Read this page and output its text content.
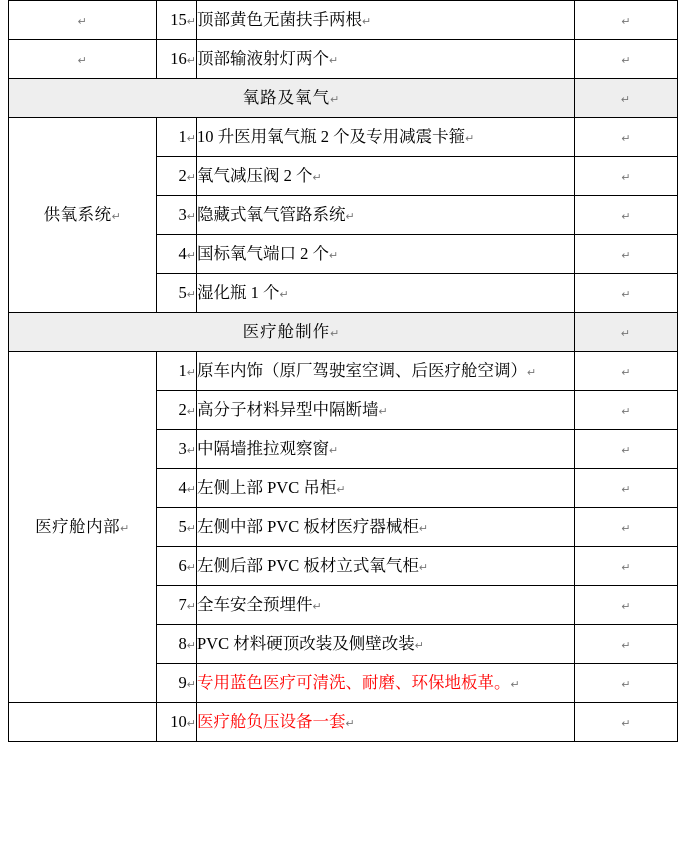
↵	15↵	顶部黄色无菌扶手两根↵	↵
↵	16↵	顶部输液射灯两个↵	↵
氧路及氧气↵			↵
供氧系统↵	1↵	10 升医用氧气瓶 2 个及专用减震卡箍↵	↵
	2↵	氧气减压阀 2 个↵	↵
	3↵	隐藏式氧气管路系统↵	↵
	4↵	国标氧气端口 2 个↵	↵
	5↵	湿化瓶 1 个↵	↵
医疗舱制作↵			↵
医疗舱内部↵	1↵	原车内饰（原厂驾驶室空调、后医疗舱空调）↵	↵
	2↵	高分子材料异型中隔断墙↵	↵
	3↵	中隔墙推拉观察窗↵	↵
	4↵	左侧上部 PVC 吊柜↵	↵
	5↵	左侧中部 PVC 板材医疗器械柜↵	↵
	6↵	左侧后部 PVC 板材立式氧气柜↵	↵
	7↵	全车安全预埋件↵	↵
	8↵	PVC 材料硬顶改装及侧壁改装↵	↵
	9↵	专用蓝色医疗可清洗、耐磨、环保地板革。↵	↵
	10↵	医疗舱负压设备一套↵	↵
